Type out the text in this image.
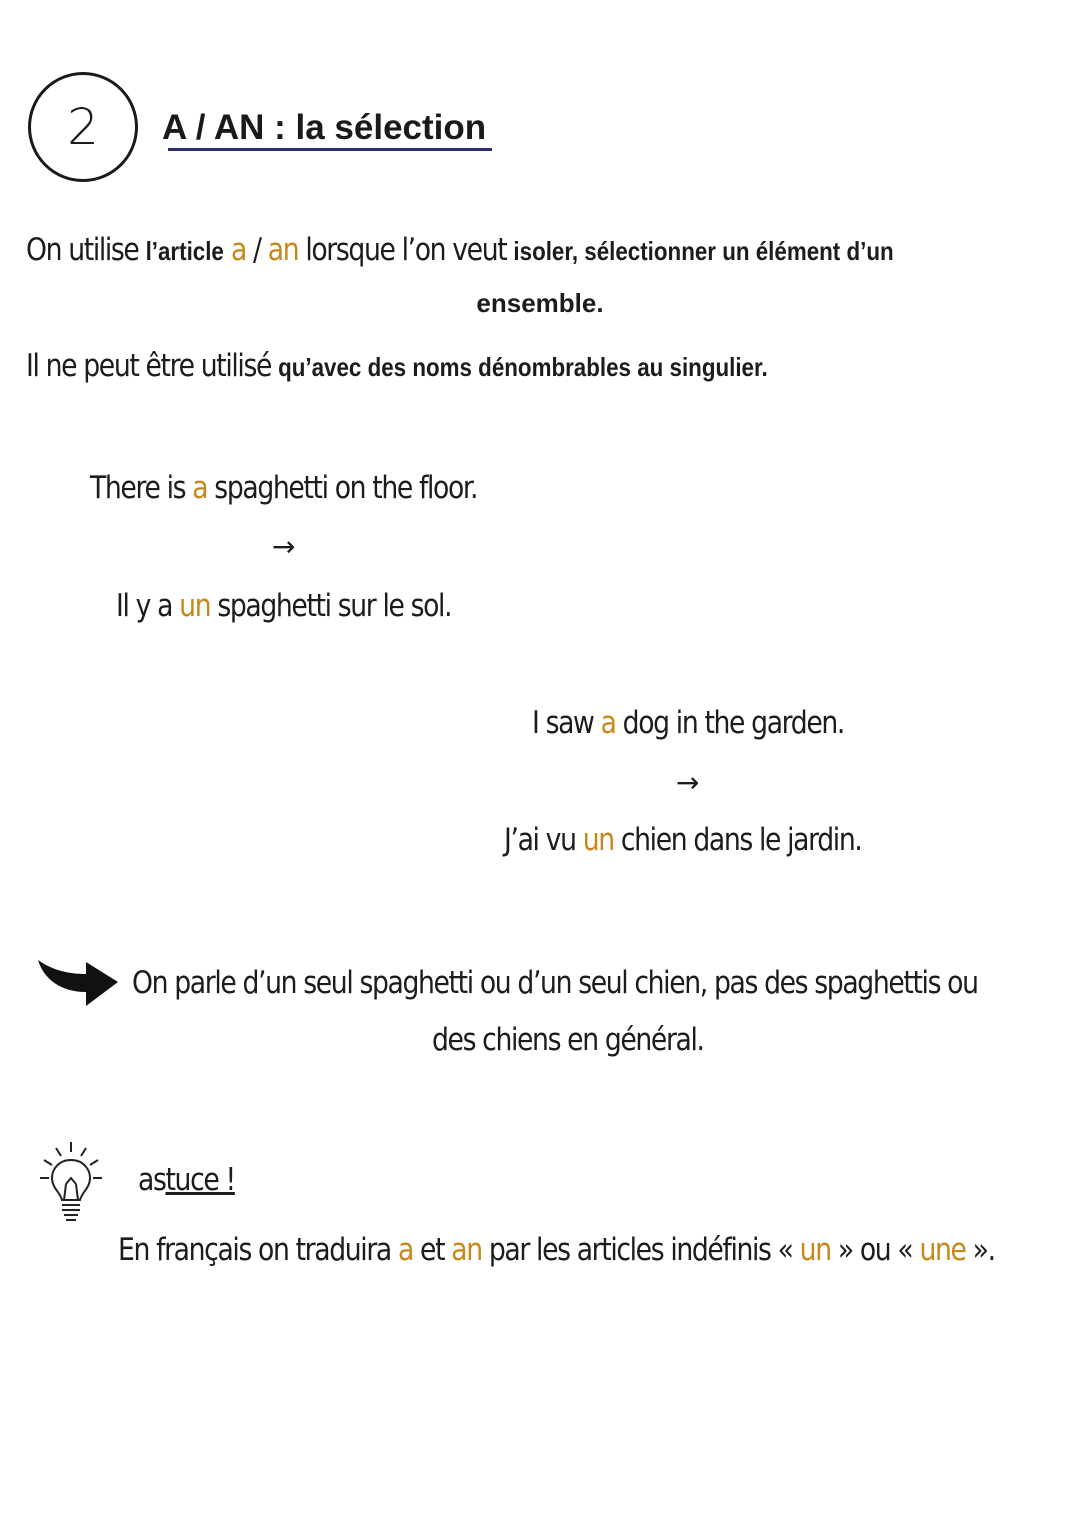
2 A / AN : la sélection
On utilise l’article a / an lorsque l’on veut isoler, sélectionner un élément d’un
ensemble.
Il ne peut être utilisé qu’avec des noms dénombrables au singulier.
There is a spaghetti on the floor.
→
Il y a un spaghetti sur le sol.
I saw a dog in the garden.
→
J’ai vu un chien dans le jardin.
On parle d’un seul spaghetti ou d’un seul chien, pas des spaghettis ou
des chiens en général.
astuce !
En français on traduira a et an par les articles indéfinis « un » ou « une ».
